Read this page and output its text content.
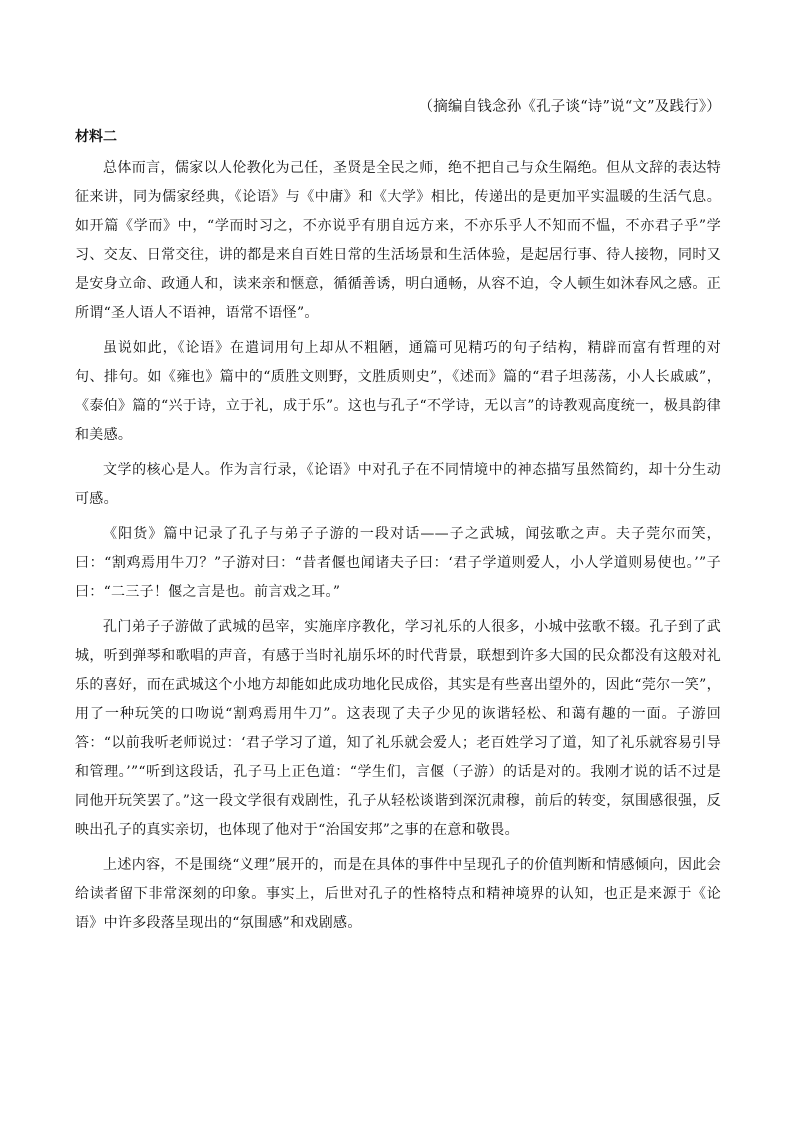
（摘编自钱念孙《孔子谈“诗”说“文”及践行》）
材料二

总体而言，儒家以人伦教化为己任，圣贤是全民之师，绝不把自己与众生隔绝。但从文辞的表达特征来讲，同为儒家经典，《论语》与《中庸》和《大学》相比，传递出的是更加平实温暖的生活气息。如开篇《学而》中，“学而时习之，不亦说乎有朋自远方来，不亦乐乎人不知而不愠，不亦君子乎”学习、交友、日常交往，讲的都是来自百姓日常的生活场景和生活体验，是起居行事、待人接物，同时又是安身立命、政通人和，读来亲和惬意，循循善诱，明白通畅，从容不迫，令人顿生如沐春风之感。正所谓“圣人语人不语神，语常不语怪”。

虽说如此，《论语》在遣词用句上却从不粗陋，通篇可见精巧的句子结构，精辟而富有哲理的对句、排句。如《雍也》篇中的“质胜文则野，文胜质则史”，《述而》篇的“君子坦荡荡，小人长戚戚”，《泰伯》篇的“兴于诗，立于礼，成于乐”。这也与孔子“不学诗，无以言”的诗教观高度统一，极具韵律和美感。

文学的核心是人。作为言行录，《论语》中对孔子在不同情境中的神态描写虽然简约，却十分生动可感。

《阳货》篇中记录了孔子与弟子子游的一段对话——子之武城，闻弦歌之声。夫子莞尔而笑，曰：“割鸡焉用牛刀？”子游对曰：“昔者偃也闻诸夫子曰：‘君子学道则爱人，小人学道则易使也。’”子曰：“二三子！偃之言是也。前言戏之耳。”

孔门弟子子游做了武城的邑宰，实施庠序教化，学习礼乐的人很多，小城中弦歌不辍。孔子到了武城，听到弹琴和歌唱的声音，有感于当时礼崩乐坏的时代背景，联想到许多大国的民众都没有这般对礼乐的喜好，而在武城这个小地方却能如此成功地化民成俗，其实是有些喜出望外的，因此“莞尔一笑”，用了一种玩笑的口吻说“割鸡焉用牛刀”。这表现了夫子少见的诙谐轻松、和蔼有趣的一面。子游回答：“以前我听老师说过：‘君子学习了道，知了礼乐就会爱人；老百姓学习了道，知了礼乐就容易引导和管理。’”“听到这段话，孔子马上正色道：“学生们，言偃（子游）的话是对的。我刚才说的话不过是同他开玩笑罢了。”这一段文学很有戏剧性，孔子从轻松谈谐到深沉肃穆，前后的转变，氛围感很强，反映出孔子的真实亲切，也体现了他对于“治国安邦”之事的在意和敬畏。

上述内容，不是围绕“义理”展开的，而是在具体的事件中呈现孔子的价值判断和情感倾向，因此会给读者留下非常深刻的印象。事实上，后世对孔子的性格特点和精神境界的认知，也正是来源于《论语》中许多段落呈现出的“氛围感”和戏剧感。
